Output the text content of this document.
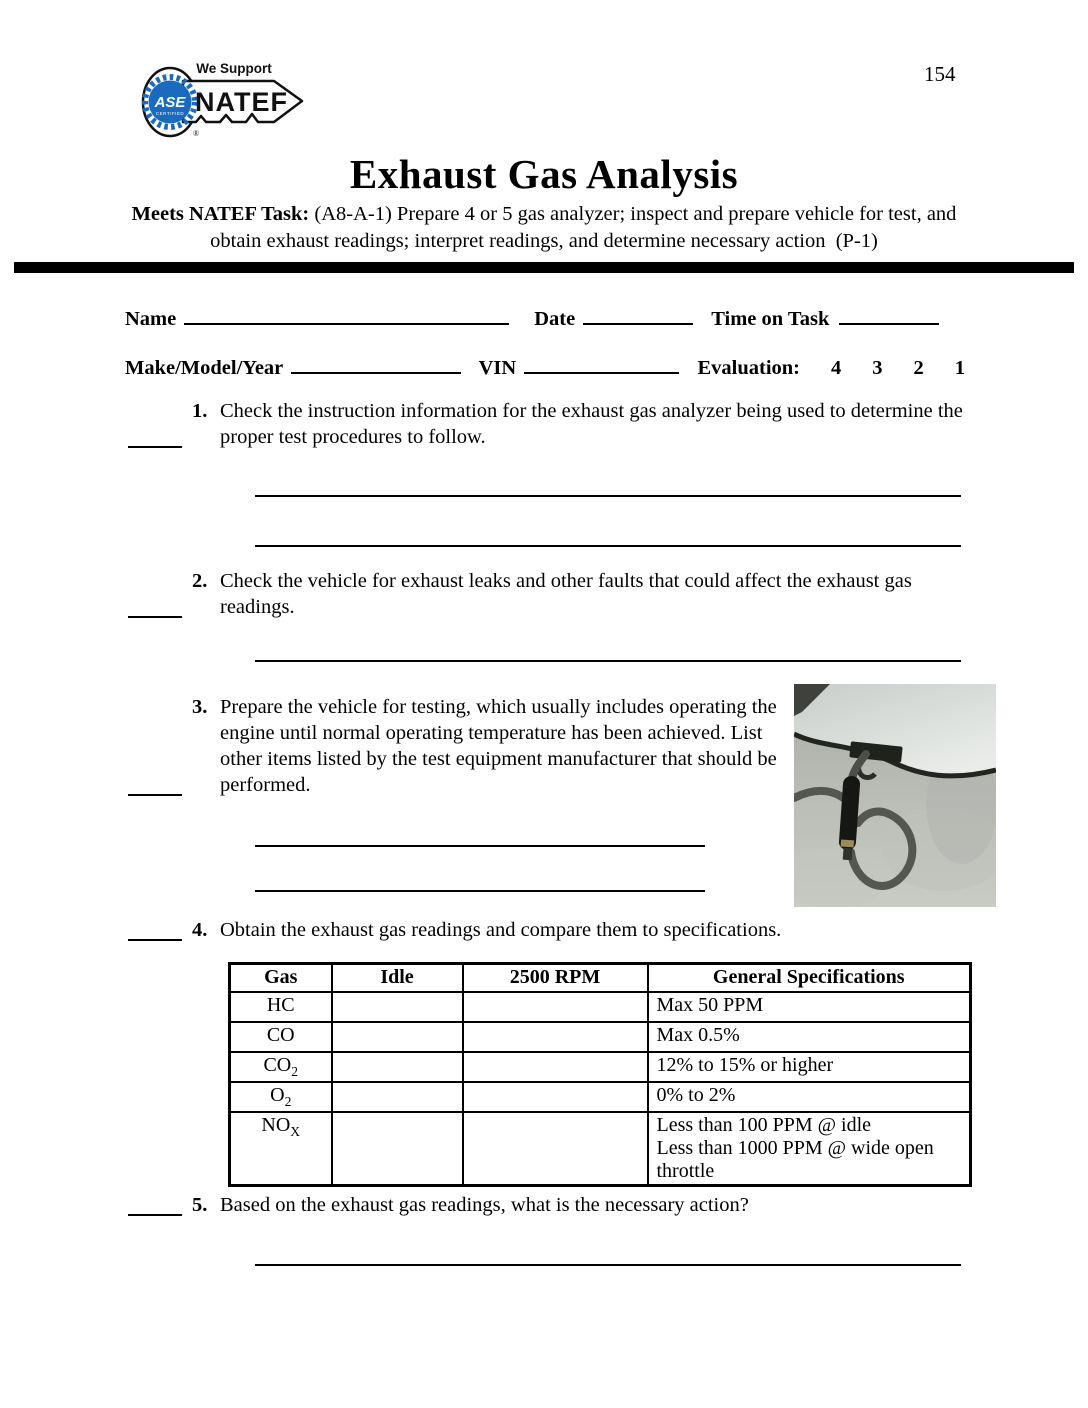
ASE
CERTIFIED
We Support
NATEF
®
154
Exhaust Gas Analysis
Meets NATEF Task: (A8-A-1) Prepare 4 or 5 gas analyzer; inspect and prepare vehicle for test, and obtain exhaust readings; interpret readings, and determine necessary action  (P-1)
Name	Date	Time on Task
Make/Model/Year	VIN	Evaluation: 4 3 2 1
1. Check the instruction information for the exhaust gas analyzer being used to determine the proper test procedures to follow.
2. Check the vehicle for exhaust leaks and other faults that could affect the exhaust gas readings.
3. Prepare the vehicle for testing, which usually includes operating the engine until normal operating temperature has been achieved. List other items listed by the test equipment manufacturer that should be performed.
4. Obtain the exhaust gas readings and compare them to specifications.
Gas	Idle	2500 RPM	General Specifications
HC			Max 50 PPM
CO			Max 0.5%
$CO_2$			12% to 15% or higher
$O_2$			0% to 2%
$NO_X$			Less than 100 PPM @ idle
Less than 1000 PPM @ wide open throttle
5. Based on the exhaust gas readings, what is the necessary action?
